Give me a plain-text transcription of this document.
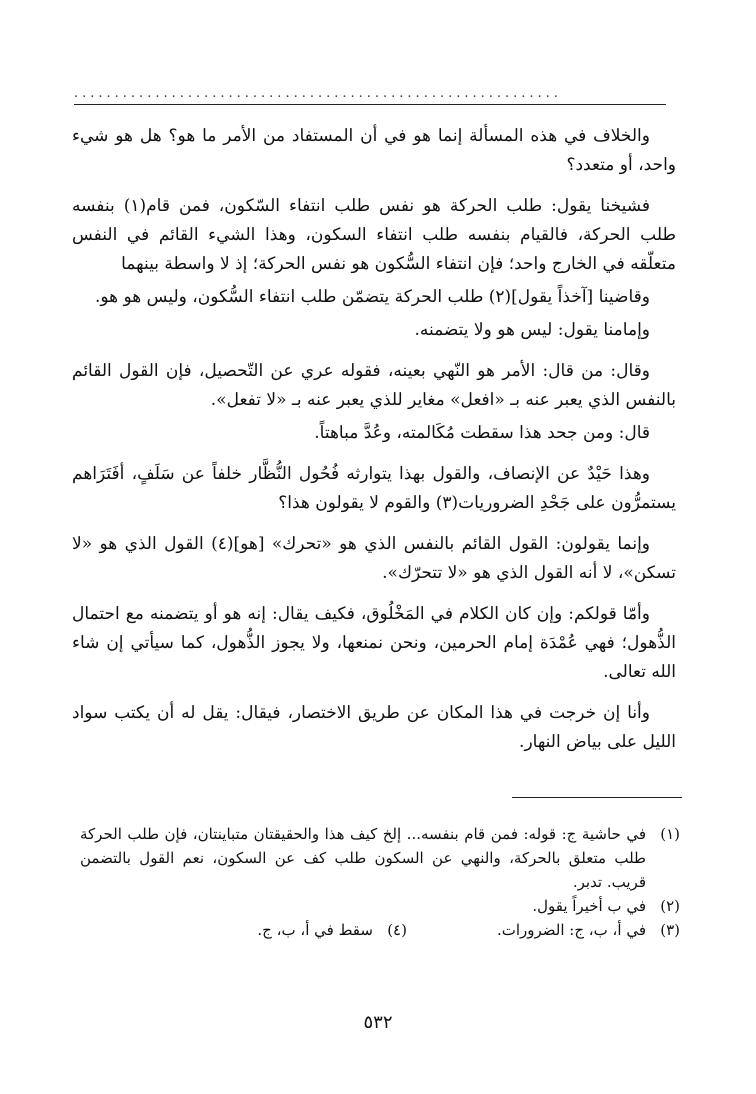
............................................................

والخلاف في هذه المسألة إنما هو في أن المستفاد من الأمر ما هو؟ هل هو شيء واحد، أو متعدد؟

فشيخنا يقول: طلب الحركة هو نفس طلب انتفاء السّكون، فمن قام(١) بنفسه طلب الحركة، فالقيام بنفسه طلب انتفاء السكون، وهذا الشيء القائم في النفس متعلّقه في الخارج واحد؛ فإن انتفاء السُّكون هو نفس الحركة؛ إذ لا واسطة بينهما

وقاضينا [آخذاً يقول](٢) طلب الحركة يتضمّن طلب انتفاء السُّكون، وليس هو هو.

وإمامنا يقول: ليس هو ولا يتضمنه.

وقال: من قال: الأمر هو النّهي بعينه، فقوله عري عن التّحصيل، فإن القول القائم بالنفس الذي يعبر عنه بـ «افعل» مغاير للذي يعبر عنه بـ «لا تفعل».

قال: ومن جحد هذا سقطت مُكَالمته، وعُدَّ مباهتاً.

وهذا حَيْدٌ عن الإنصاف، والقول بهذا يتوارثه فُحُول النُّظَّار خلفاً عن سَلَفٍ، أفَتَرَاهم يستمرُّون على جَحْدِ الضروريات(٣) والقوم لا يقولون هذا؟

وإنما يقولون: القول القائم بالنفس الذي هو «تحرك» [هو](٤) القول الذي هو «لا تسكن»، لا أنه القول الذي هو «لا تتحرّك».

وأمّا قولكم: وإن كان الكلام في المَخْلُوق، فكيف يقال: إنه هو أو يتضمنه مع احتمال الذُّهول؛ فهي عُمْدَة إمام الحرمين، ونحن نمنعها، ولا يجوز الذُّهول، كما سيأتي إن شاء الله تعالى.

وأنا إن خرجت في هذا المكان عن طريق الاختصار، فيقال: يقل له أن يكتب سواد الليل على بياض النهار.

(١)
في حاشية ج: قوله: فمن قام بنفسه... إلخ كيف هذا والحقيقتان متباينتان، فإن طلب الحركة طلب متعلق بالحركة، والنهي عن السكون طلب كف عن السكون، نعم القول بالتضمن قريب. تدبر.
(٢)
في ب أخيراً يقول.
(٣)
في أ، ب، ج: الضرورات.
(٤)
سقط في أ، ب، ج.
٥٣٢
